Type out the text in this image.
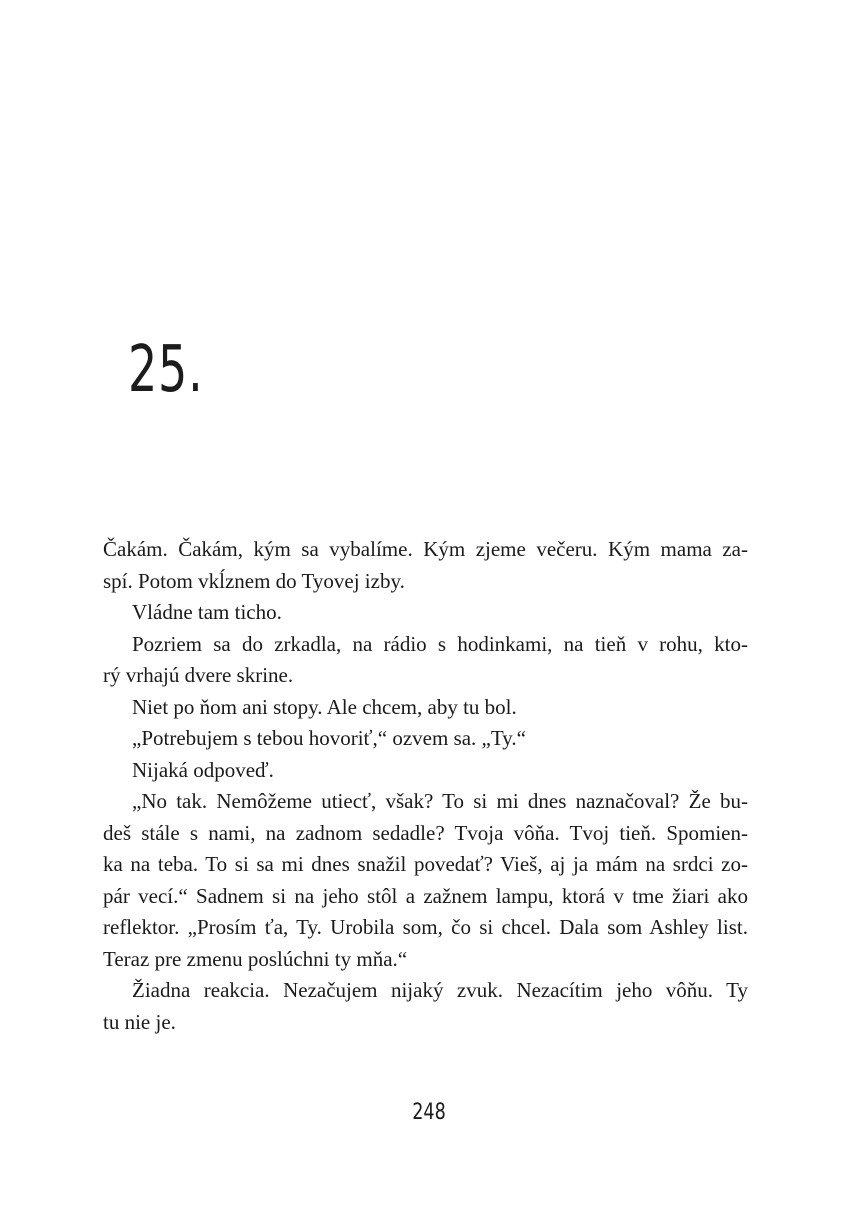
25.
Čakám. Čakám, kým sa vybalíme. Kým zjeme večeru. Kým mama za-
spí. Potom vkĺznem do Tyovej izby.
Vládne tam ticho.
Pozriem sa do zrkadla, na rádio s hodinkami, na tieň v rohu, kto-
rý vrhajú dvere skrine.
Niet po ňom ani stopy. Ale chcem, aby tu bol.
„Potrebujem s tebou hovoriť,“ ozvem sa. „Ty.“
Nijaká odpoveď.
„No tak. Nemôžeme utiecť, však? To si mi dnes naznačoval? Že bu-
deš stále s nami, na zadnom sedadle? Tvoja vôňa. Tvoj tieň. Spomien-
ka na teba. To si sa mi dnes snažil povedať? Vieš, aj ja mám na srdci zo-
pár vecí.“ Sadnem si na jeho stôl a zažnem lampu, ktorá v tme žiari ako
reflektor. „Prosím ťa, Ty. Urobila som, čo si chcel. Dala som Ashley list.
Teraz pre zmenu poslúchni ty mňa.“
Žiadna reakcia. Nezačujem nijaký zvuk. Nezacítim jeho vôňu. Ty
tu nie je.
248
